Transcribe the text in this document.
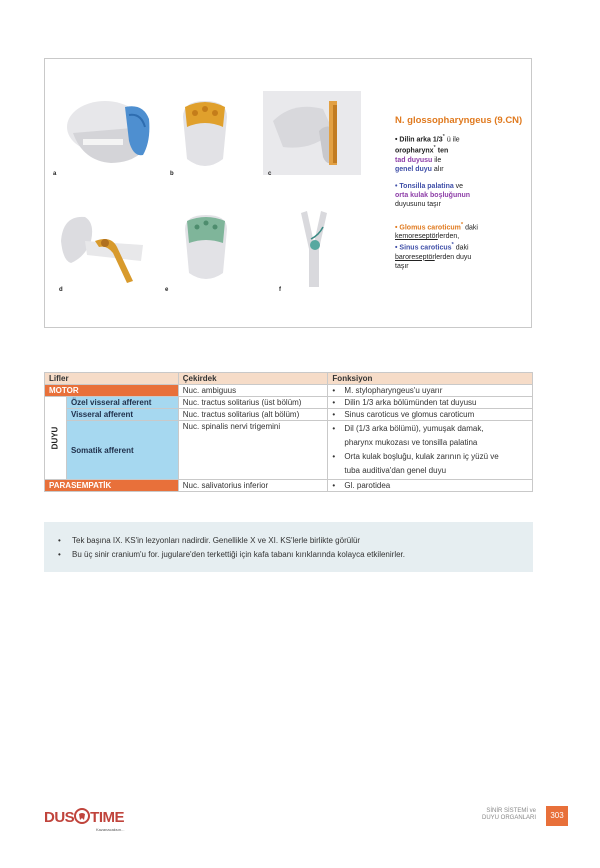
a	b	c
d	e	f
N. glossopharyngeus (9.CN)
• Dilin arka 1/3* ü ile
oropharynx* ten
tad duyusu ile
genel duyu alır
• Tonsilla palatina ve
orta kulak boşluğunun
duyusunu taşır
• Glomus caroticum* daki
kemoreseptörlerden,
• Sinus caroticus* daki
baroreseptörlerden duyu
taşır
Lifler		Çekirdek	Fonksiyon
MOTOR		Nuc. ambiguus	• M. stylopharyngeus'u uyarır

DUYU	Özel visseral afferent	Nuc. tractus solitarius (üst bölüm)	• Dilin 1/3 arka bölümünden tat duyusu
	Visseral afferent	Nuc. tractus solitarius (alt bölüm)	• Sinus caroticus ve glomus caroticum
	Somatik afferent	Nuc. spinalis nervi trigemini	• Dil (1/3 arka bölümü), yumuşak damak,
pharynx mukozası ve tonsilla palatina
• Orta kulak boşluğu, kulak zarının iç yüzü ve
tuba auditiva'dan genel duyu

PARASEMPATİK		Nuc. salivatorius inferior	• Gl. parotidea
• Tek başına IX. KS'in lezyonları nadirdir. Genellikle X ve XI. KS'lerle birlikte görülür
• Bu üç sinir cranium'u for. jugulare'den terkettiği için kafa tabanı kırıklarında kolayca etkilenirler.
DUS TIME
Kazanacaksın...
SİNİR SİSTEMİ ve
DUYU ORGANLARI	303
